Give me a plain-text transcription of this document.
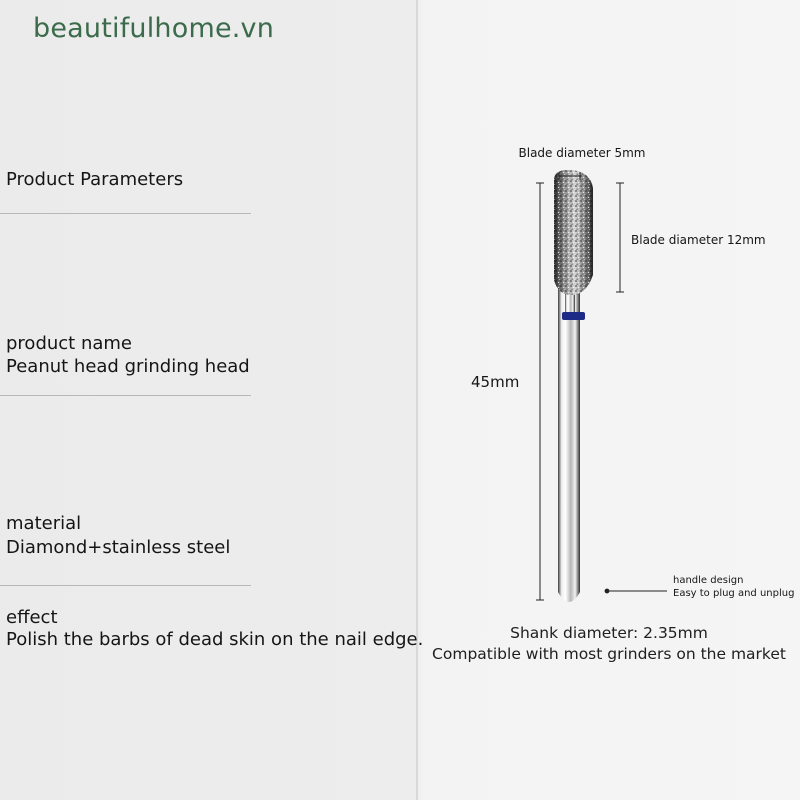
beautifulhome.vn
Product Parameters
product name
Peanut head grinding head
material
Diamond+stainless steel
effect
Polish the barbs of dead skin on the nail edge.
Blade diameter 5mm
Blade diameter 12mm
45mm
handle design
Easy to plug and unplug
Shank diameter: 2.35mm
Compatible with most grinders on the market
